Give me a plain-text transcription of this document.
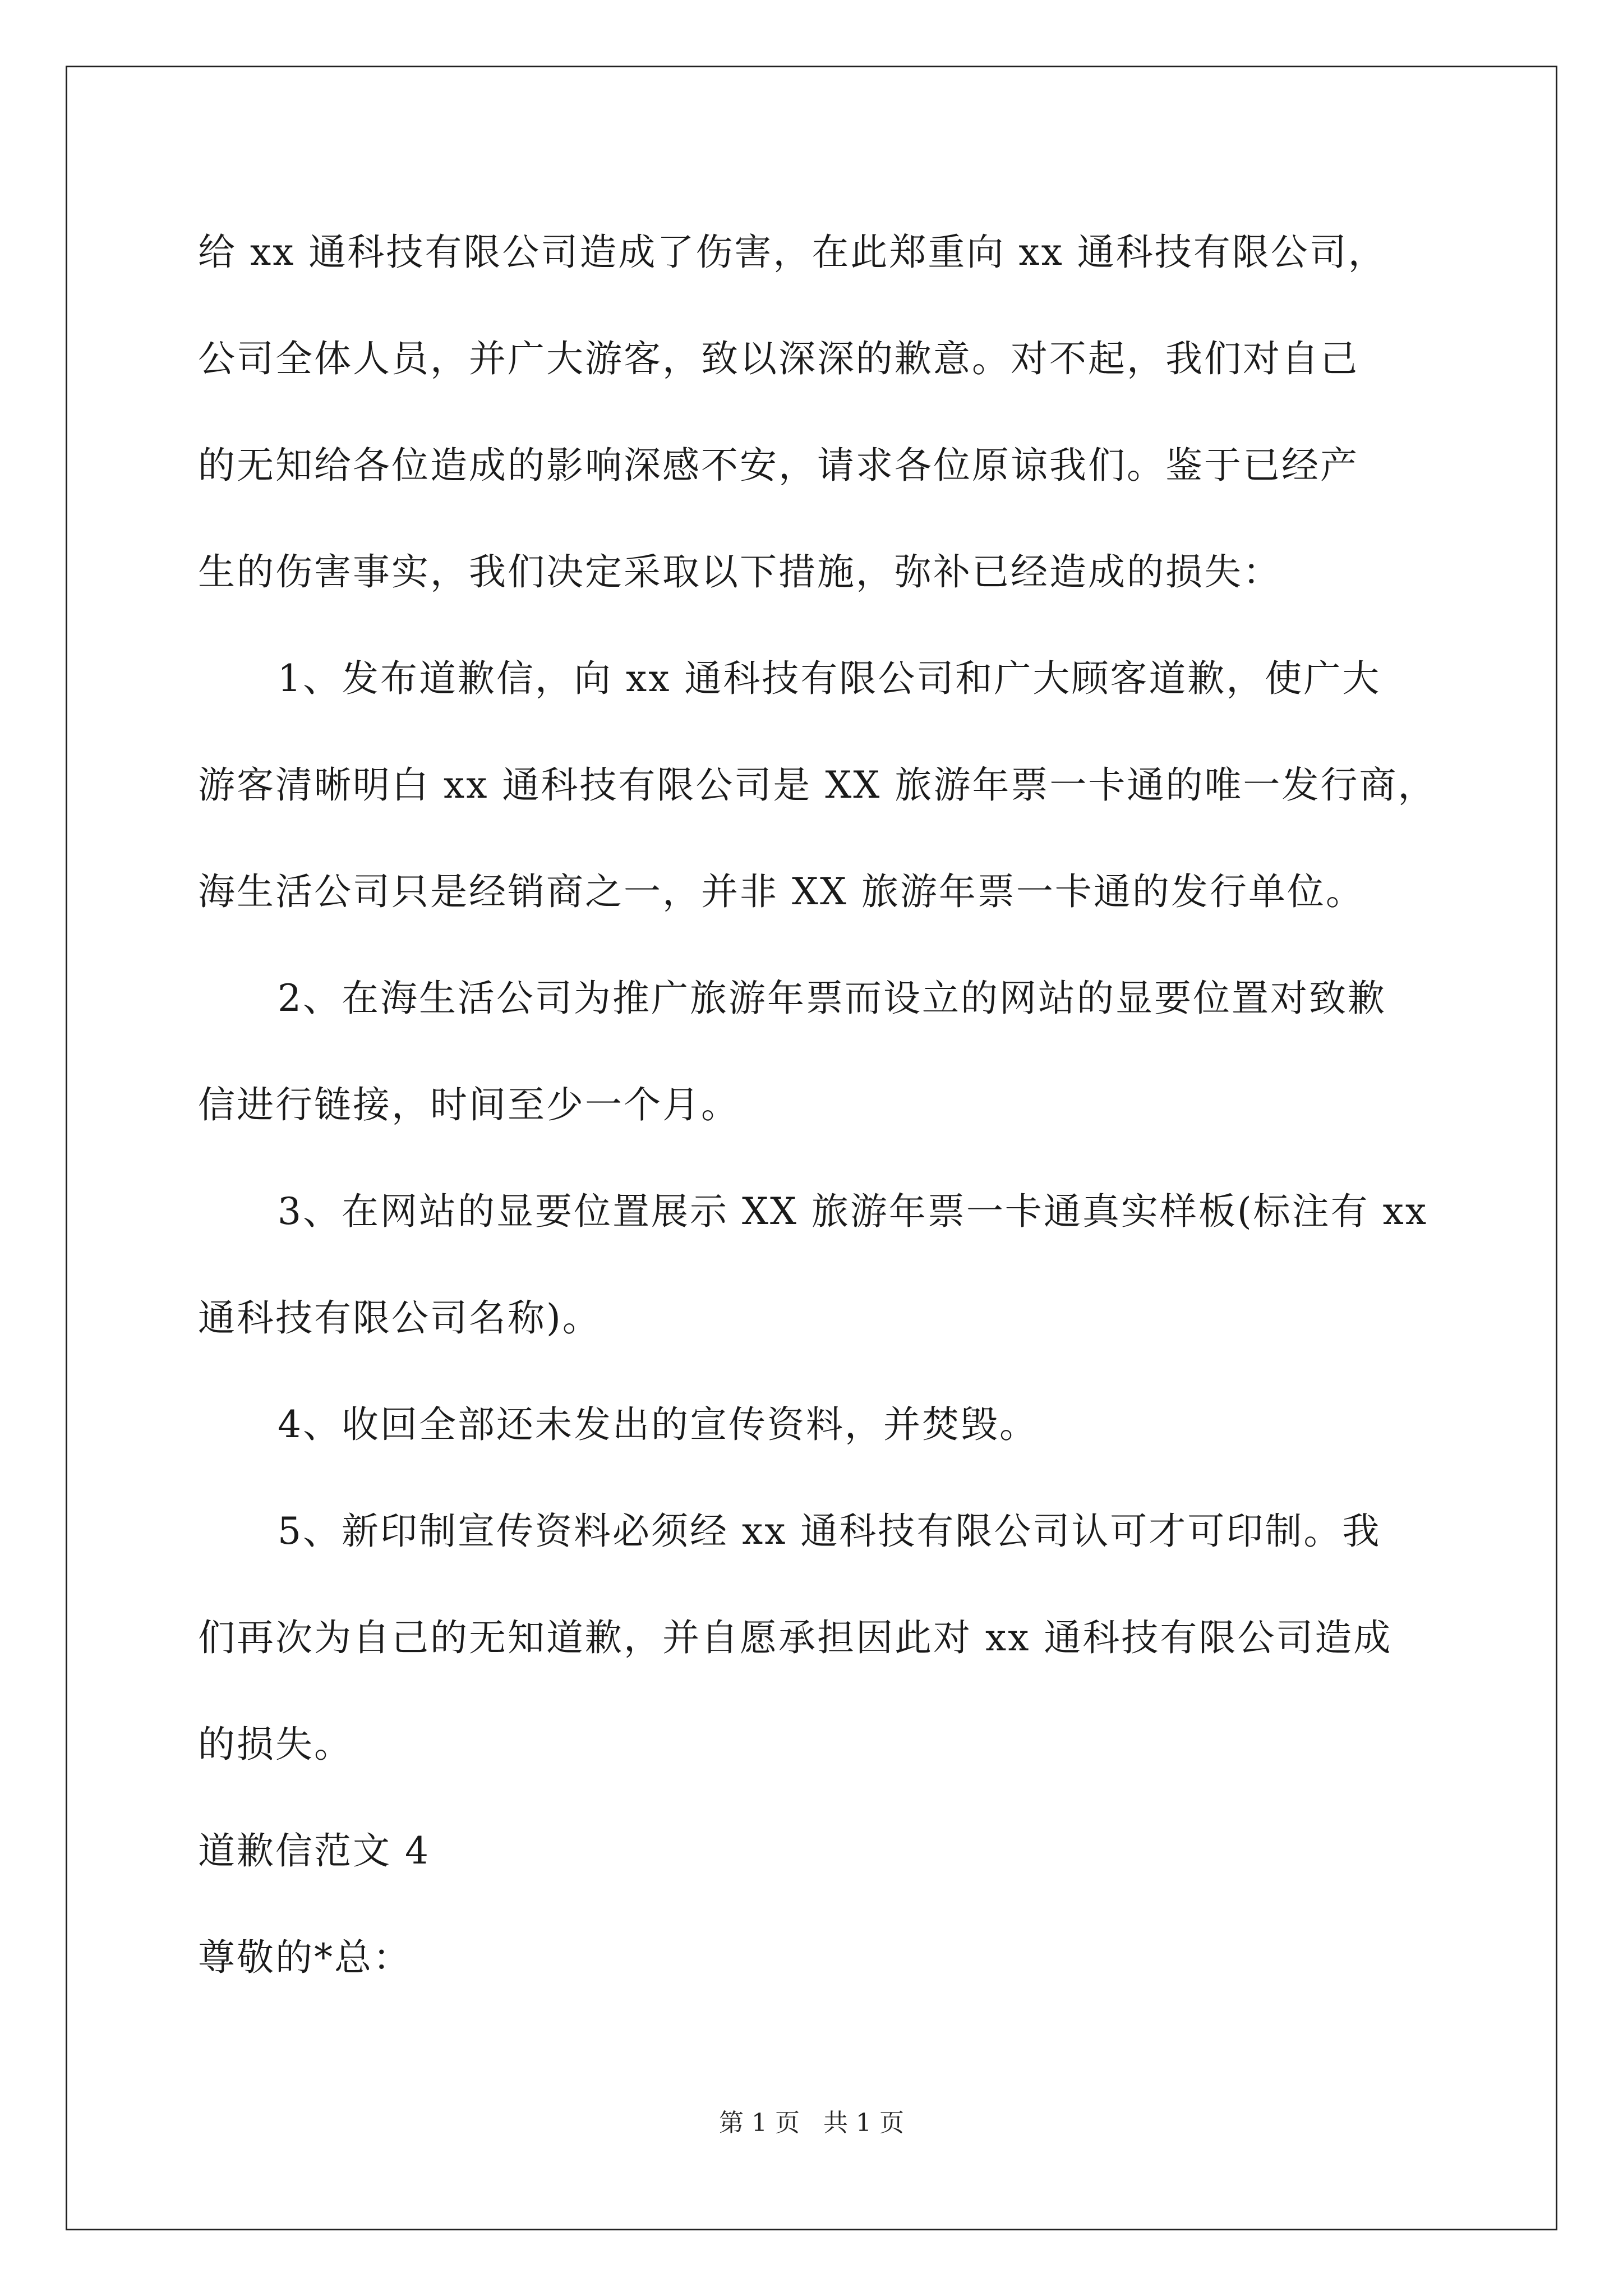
给 xx 通科技有限公司造成了伤害，在此郑重向 xx 通科技有限公司，
公司全体人员，并广大游客，致以深深的歉意。对不起，我们对自己
的无知给各位造成的影响深感不安，请求各位原谅我们。鉴于已经产
生的伤害事实，我们决定采取以下措施，弥补已经造成的损失：
1、发布道歉信，向 xx 通科技有限公司和广大顾客道歉，使广大
游客清晰明白 xx 通科技有限公司是 XX 旅游年票一卡通的唯一发行商，
海生活公司只是经销商之一，并非 XX 旅游年票一卡通的发行单位。
2、在海生活公司为推广旅游年票而设立的网站的显要位置对致歉
信进行链接，时间至少一个月。
3、在网站的显要位置展示 XX 旅游年票一卡通真实样板(标注有 xx
通科技有限公司名称)。
4、收回全部还未发出的宣传资料，并焚毁。
5、新印制宣传资料必须经 xx 通科技有限公司认可才可印制。我
们再次为自己的无知道歉，并自愿承担因此对 xx 通科技有限公司造成
的损失。
道歉信范文 4
尊敬的*总：
第 1 页 共 1 页
